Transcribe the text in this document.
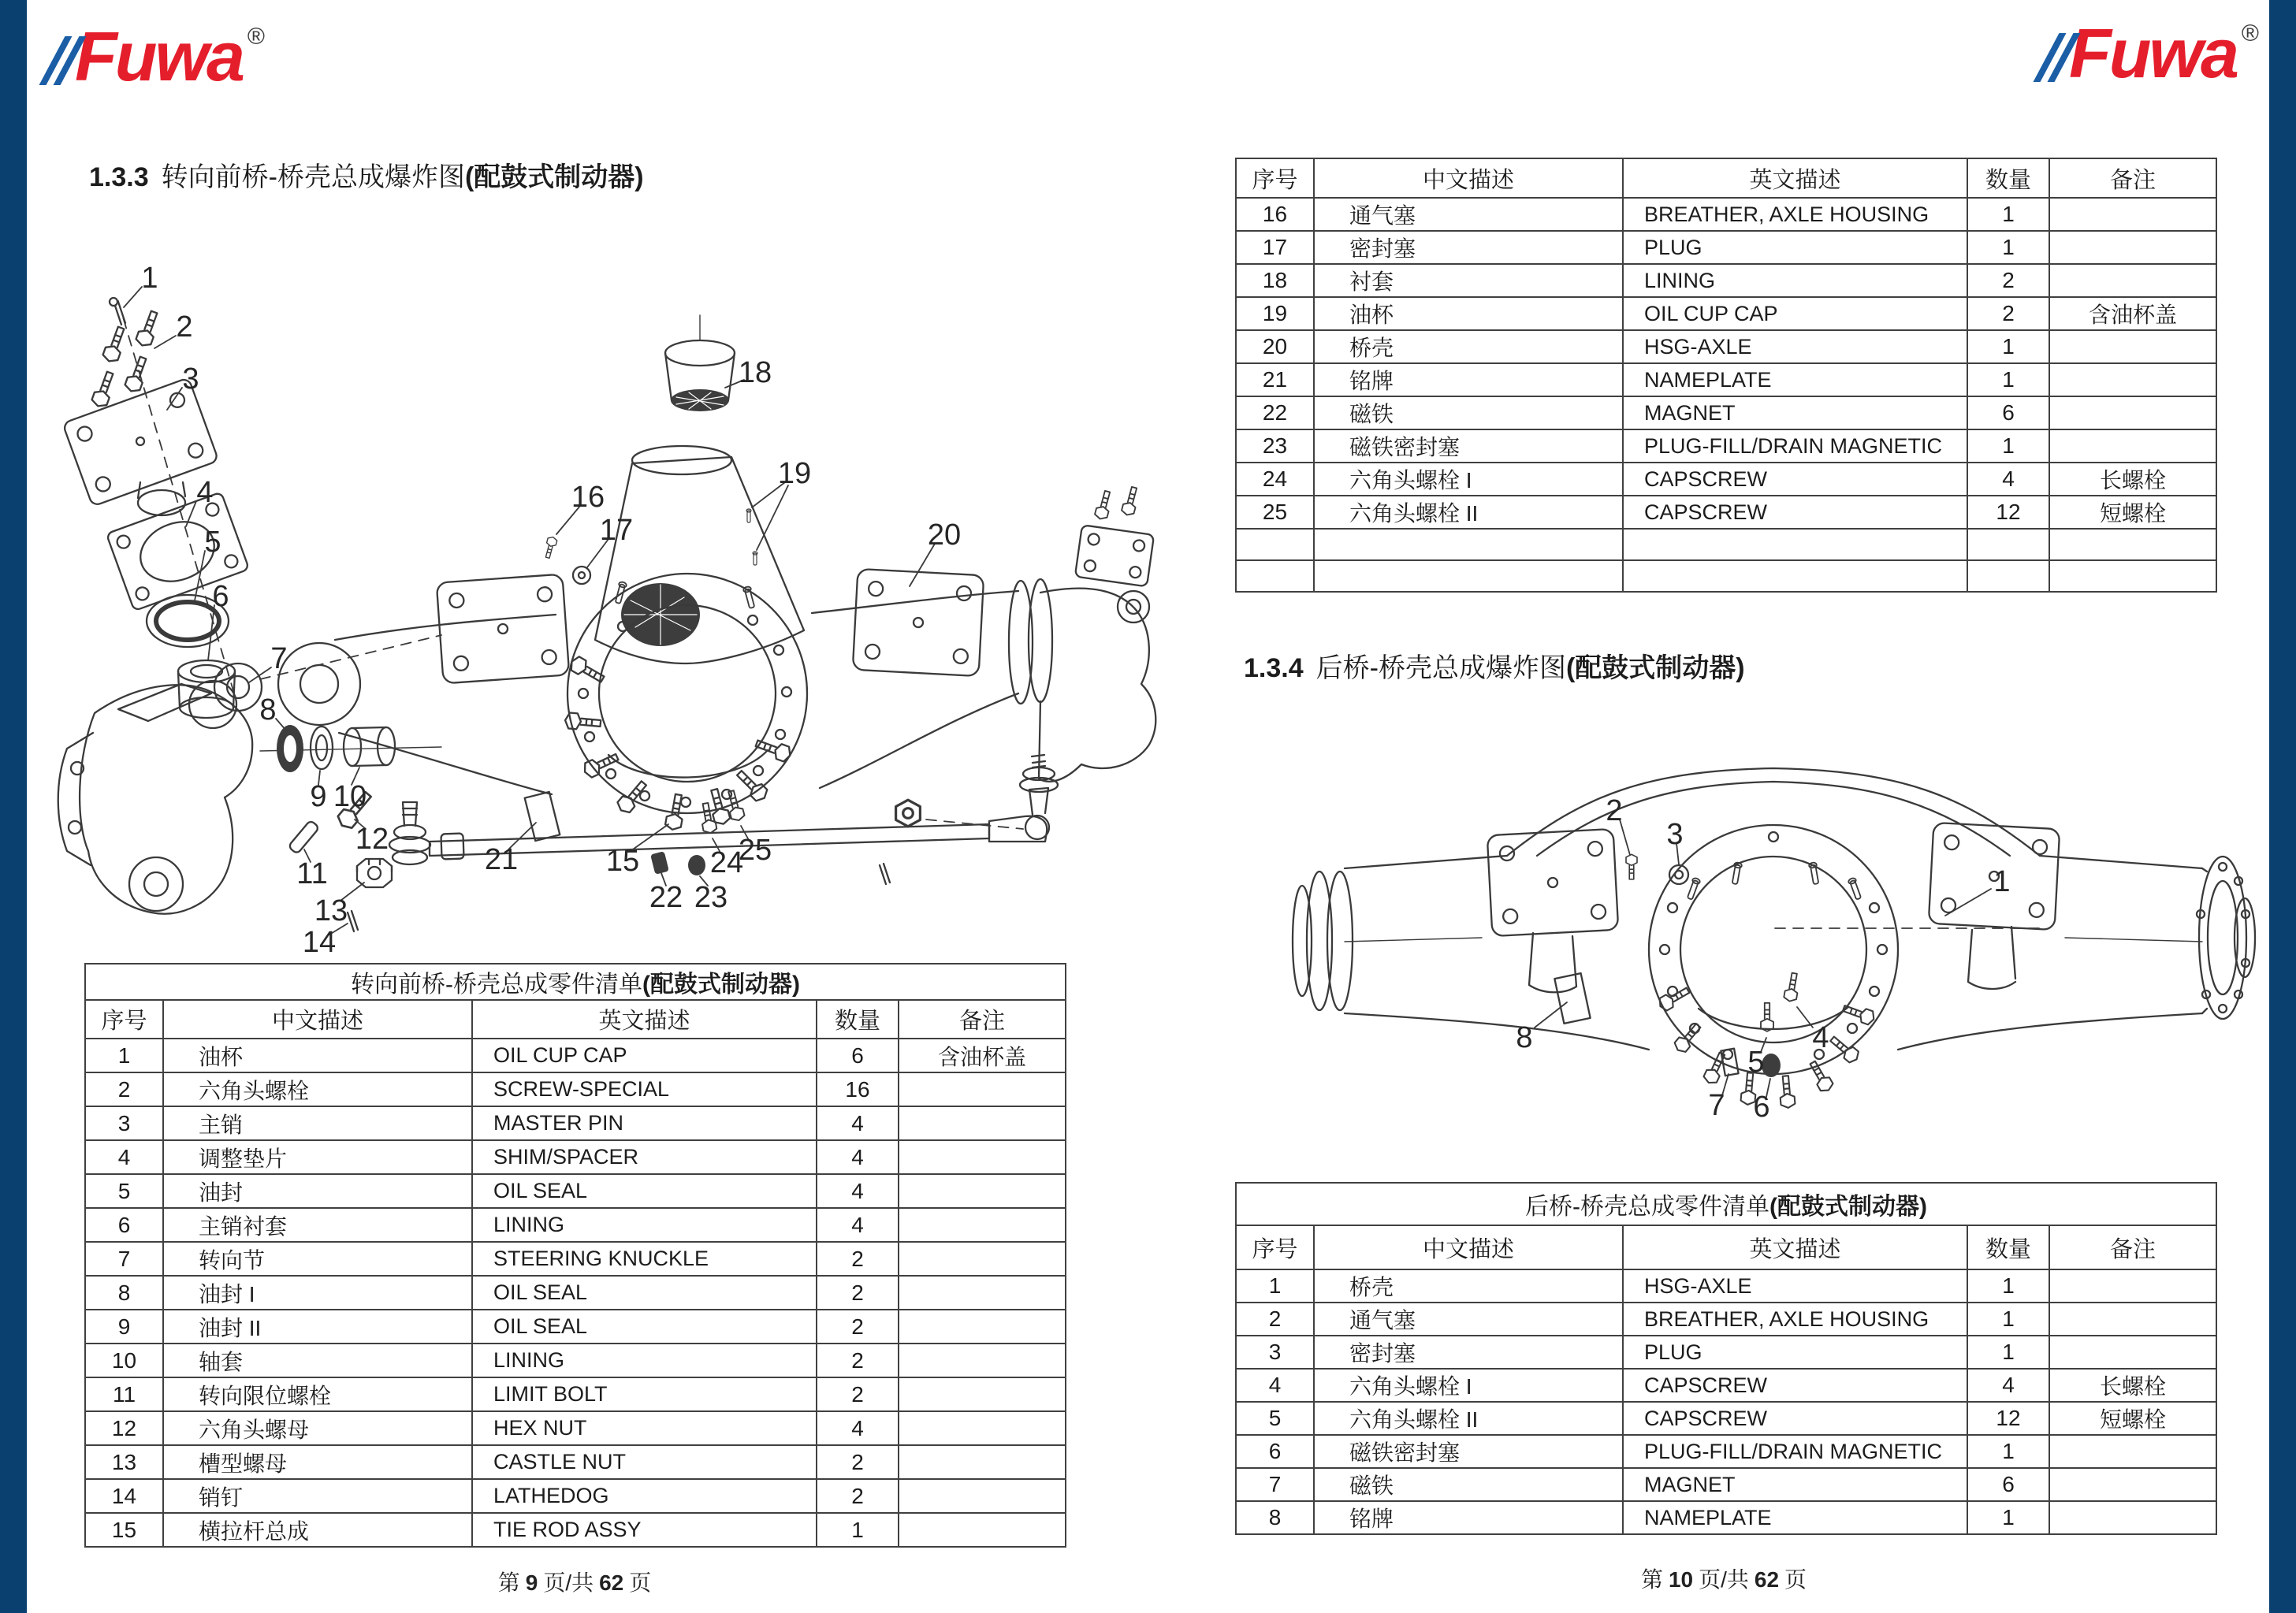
Fuwa ®	Fuwa ®
1.3.3 转向前桥-桥壳总成爆炸图(配鼓式制动器)
1.3.4 后桥-桥壳总成爆炸图(配鼓式制动器)
1
2
3
4
5
6
7
8
9 10
11
12
13
14
15
16
17
18
19
20
21
22 23
24
25
1
2
3
4
5
6
7
8
转向前桥-桥壳总成零件清单(配鼓式制动器)				
序号	中文描述	英文描述	数量	备注
1	油杯	OIL CUP CAP	6	含油杯盖
2	六角头螺栓	SCREW-SPECIAL	16	
3	主销	MASTER PIN	4	
4	调整垫片	SHIM/SPACER	4	
5	油封	OIL SEAL	4	
6	主销衬套	LINING	4	
7	转向节	STEERING KNUCKLE	2	
8	油封 I	OIL SEAL	2	
9	油封 II	OIL SEAL	2	
10	轴套	LINING	2	
11	转向限位螺栓	LIMIT BOLT	2	
12	六角头螺母	HEX NUT	4	
13	槽型螺母	CASTLE NUT	2	
14	销钉	LATHEDOG	2	
15	横拉杆总成	TIE ROD ASSY	1	
序号	中文描述	英文描述	数量	备注
16	通气塞	BREATHER, AXLE HOUSING	1	
17	密封塞	PLUG	1	
18	衬套	LINING	2	
19	油杯	OIL CUP CAP	2	含油杯盖
20	桥壳	HSG-AXLE	1	
21	铭牌	NAMEPLATE	1	
22	磁铁	MAGNET	6	
23	磁铁密封塞	PLUG-FILL/DRAIN MAGNETIC	1	
24	六角头螺栓 I	CAPSCREW	4	长螺栓
25	六角头螺栓 II	CAPSCREW	12	短螺栓

后桥-桥壳总成零件清单(配鼓式制动器)				
序号	中文描述	英文描述	数量	备注
1	桥壳	HSG-AXLE	1	
2	通气塞	BREATHER, AXLE HOUSING	1	
3	密封塞	PLUG	1	
4	六角头螺栓 I	CAPSCREW	4	长螺栓
5	六角头螺栓 II	CAPSCREW	12	短螺栓
6	磁铁密封塞	PLUG-FILL/DRAIN MAGNETIC	1	
7	磁铁	MAGNET	6	
8	铭牌	NAMEPLATE	1	
第 9 页/共 62 页	第 10 页/共 62 页
